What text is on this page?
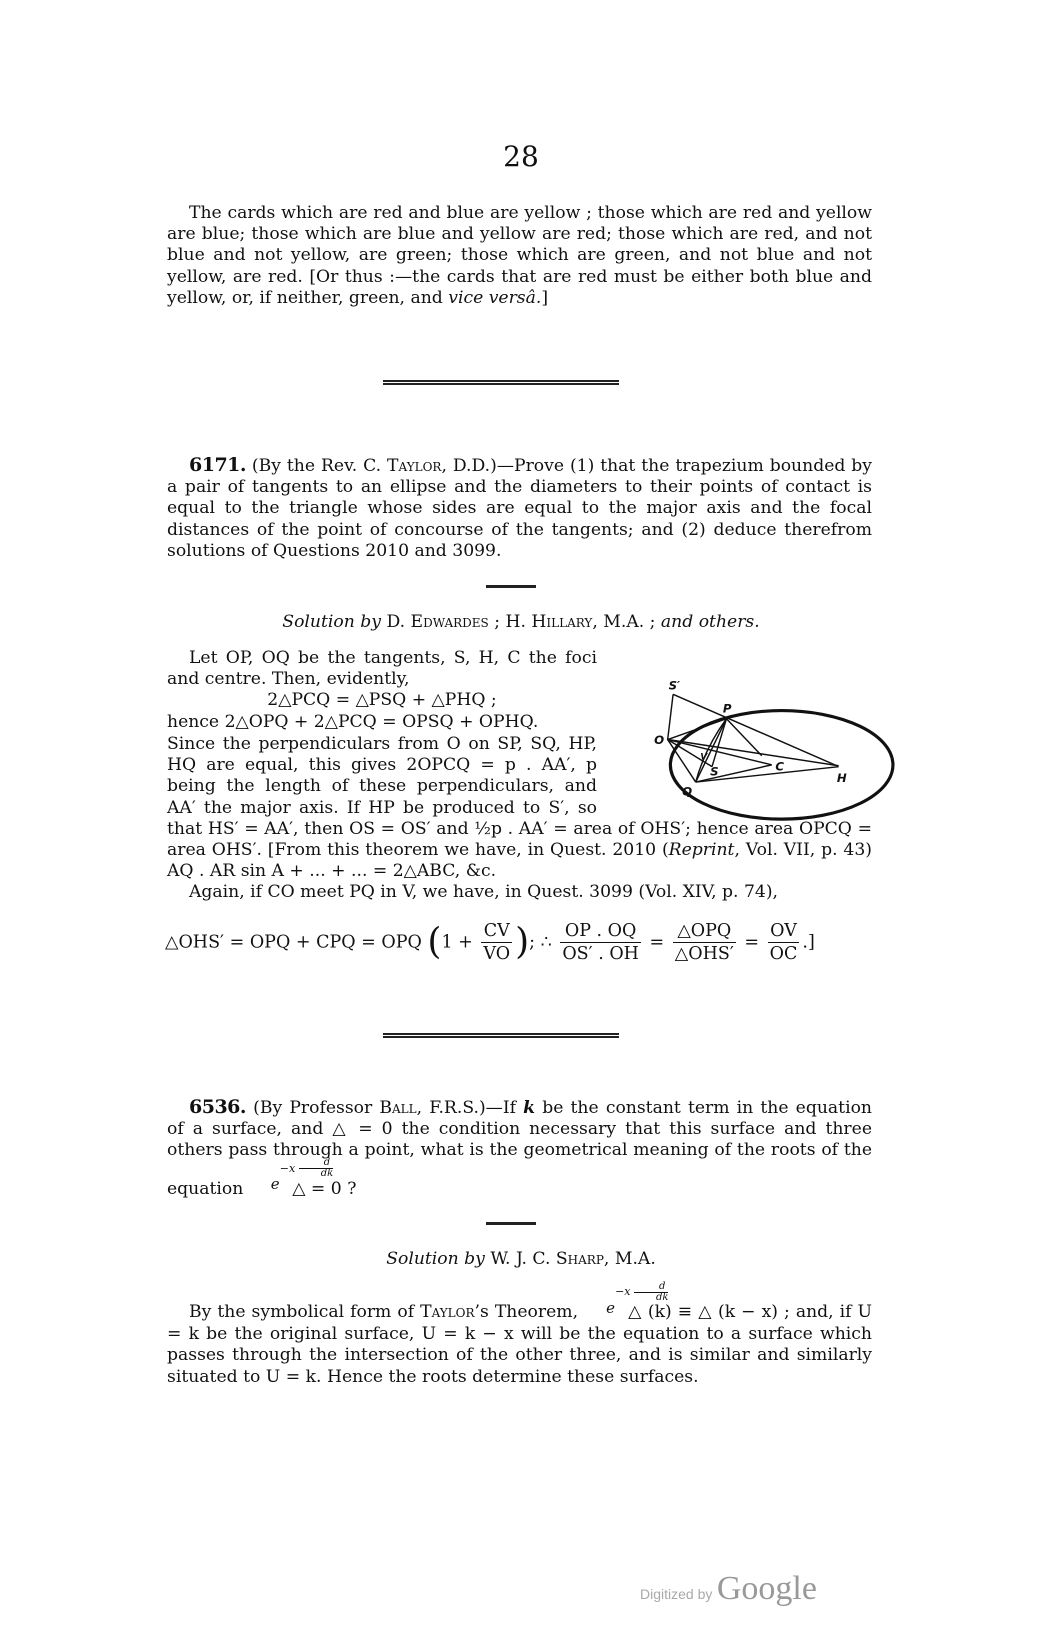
28

The cards which are red and blue are yellow ; those which are red and yellow are blue; those which are blue and yellow are red; those which are red, and not blue and not yellow, are green; those which are green, and not blue and not yellow, are red. [Or thus :—the cards that are red must be either both blue and yellow, or, if neither, green, and vice versâ.]

6171. (By the Rev. C. Taylor, D.D.)—Prove (1) that the trapezium bounded by a pair of tangents to an ellipse and the diameters to their points of contact is equal to the triangle whose sides are equal to the major axis and the focal distances of the point of concourse of the tangents; and (2) deduce therefrom solutions of Questions 2010 and 3099.

Solution by D. Edwardes ; H. Hillary, M.A. ; and others.

Let OP, OQ be the tangents, S, H, C the foci and centre. Then, evidently,

2△PCQ = △PSQ + △PHQ ;

hence 2△OPQ + 2△PCQ = OPSQ + OPHQ.

Since the perpendiculars from O on SP, SQ, HP, HQ are equal, this gives 2OPCQ = p . AA′, p being the length of these perpendiculars, and AA′ the major axis. If HP be produced to S′, so that HS′ = AA′, then OS = OS′ and ½p . AA′ = area of OHS′; hence area OPCQ = area OHS′. [From this theorem we have, in Quest. 2010 (Reprint, Vol. VII, p. 43) AQ . AR sin A + ... + ... = 2△ABC, &c.

Again, if CO meet PQ in V, we have, in Quest. 3099 (Vol. XIV, p. 74),

△OHS′ = OPQ + CPQ = OPQ ($1 + \frac{CV}{VO}$ ); ∴ $\frac{OP . OQ}{OS' . OH} = \frac{\text{△OPQ}}{\text{△OHS′}} = \frac{OV}{OC}$ .]
S′
P
O
V
S	C
H
Q

6536. (By Professor Ball, F.R.S.)—If k be the constant term in the equation of a surface, and △ = 0 the condition necessary that this surface and three others pass through a point, what is the geometrical meaning of the roots of the equation	e
$-x \frac{d}{dk}$
△ = 0 ?

Solution by W. J. C. Sharp, M.A.

By the symbolical form of Taylor’s Theorem,	e
$-x \frac{d}{dk}$
△ (k) ≡ △ (k − x) ; and, if U = k be the original surface, U = k − x will be the equation to a surface which passes through the intersection of the other three, and is similar and similarly situated to U = k. Hence the roots determine these surfaces.

Digitized by Google
